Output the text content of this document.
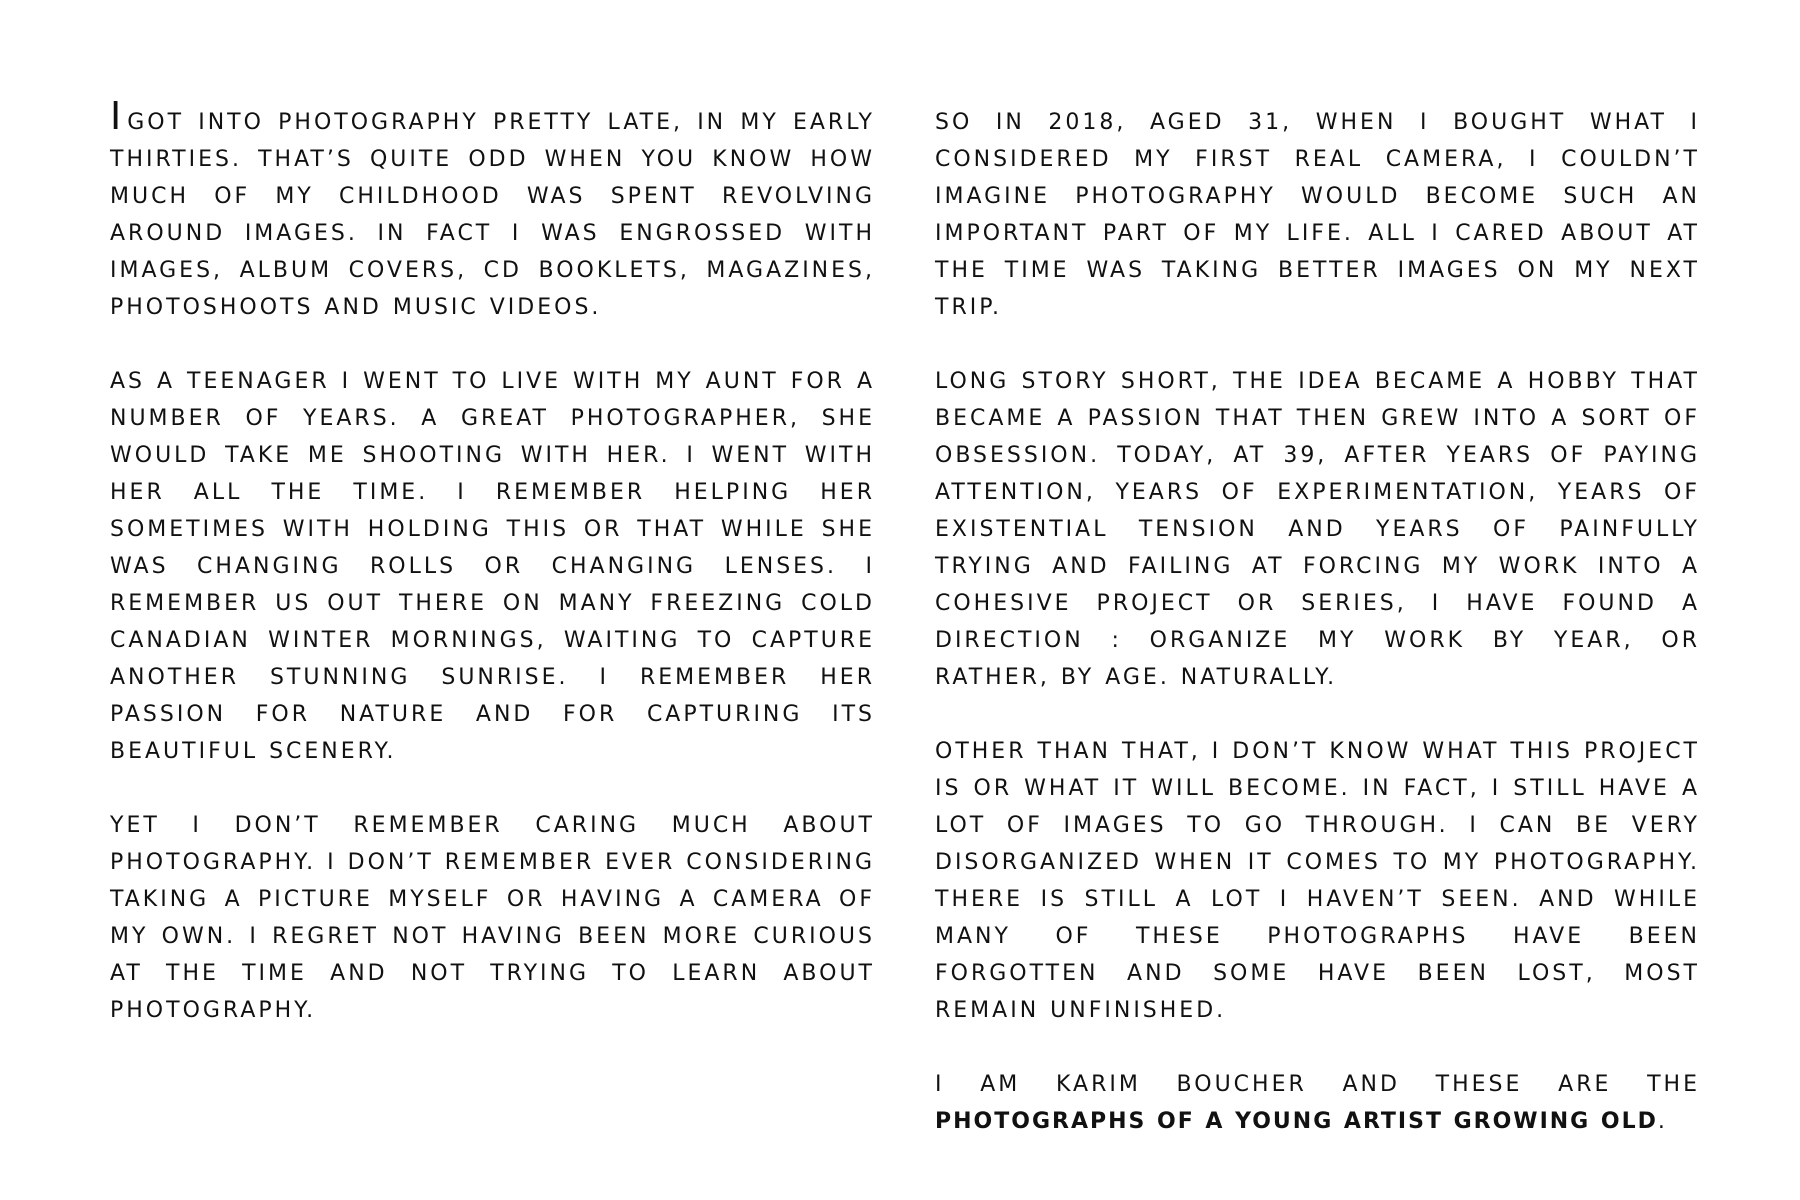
IGOT INTO PHOTOGRAPHY PRETTY LATE, IN MY EARLY THIRTIES. THAT’S QUITE ODD WHEN YOU KNOW HOW MUCH OF MY CHILDHOOD WAS SPENT REVOLVING AROUND IMAGES. IN FACT I WAS ENGROSSED WITH IMAGES, ALBUM COVERS, CD BOOKLETS, MAGAZINES, PHOTOSHOOTS AND MUSIC VIDEOS.

AS A TEENAGER I WENT TO LIVE WITH MY AUNT FOR A NUMBER OF YEARS. A GREAT PHOTOGRAPHER, SHE WOULD TAKE ME SHOOTING WITH HER. I WENT WITH HER ALL THE TIME. I REMEMBER HELPING HER SOMETIMES WITH HOLDING THIS OR THAT WHILE SHE WAS CHANGING ROLLS OR CHANGING LENSES. I REMEMBER US OUT THERE ON MANY FREEZING COLD CANADIAN WINTER MORNINGS, WAITING TO CAPTURE ANOTHER STUNNING SUNRISE. I REMEMBER HER PASSION FOR NATURE AND FOR CAPTURING ITS BEAUTIFUL SCENERY.

YET I DON’T REMEMBER CARING MUCH ABOUT PHOTOGRAPHY. I DON’T REMEMBER EVER CONSIDERING TAKING A PICTURE MYSELF OR HAVING A CAMERA OF MY OWN. I REGRET NOT HAVING BEEN MORE CURIOUS AT THE TIME AND NOT TRYING TO LEARN ABOUT PHOTOGRAPHY.

SO IN 2018, AGED 31, WHEN I BOUGHT WHAT I CONSIDERED MY FIRST REAL CAMERA, I COULDN’T IMAGINE PHOTOGRAPHY WOULD BECOME SUCH AN IMPORTANT PART OF MY LIFE. ALL I CARED ABOUT AT THE TIME WAS TAKING BETTER IMAGES ON MY NEXT TRIP.

LONG STORY SHORT, THE IDEA BECAME A HOBBY THAT BECAME A PASSION THAT THEN GREW INTO A SORT OF OBSESSION. TODAY, AT 39, AFTER YEARS OF PAYING ATTENTION, YEARS OF EXPERIMENTATION, YEARS OF EXISTENTIAL TENSION AND YEARS OF PAINFULLY TRYING AND FAILING AT FORCING MY WORK INTO A COHESIVE PROJECT OR SERIES, I HAVE FOUND A DIRECTION : ORGANIZE MY WORK BY YEAR, OR RATHER, BY AGE. NATURALLY.

OTHER THAN THAT, I DON’T KNOW WHAT THIS PROJECT IS OR WHAT IT WILL BECOME. IN FACT, I STILL HAVE A LOT OF IMAGES TO GO THROUGH. I CAN BE VERY DISORGANIZED WHEN IT COMES TO MY PHOTOGRAPHY. THERE IS STILL A LOT I HAVEN’T SEEN. AND WHILE MANY OF THESE PHOTOGRAPHS HAVE BEEN FORGOTTEN AND SOME HAVE BEEN LOST, MOST REMAIN UNFINISHED.

I AM KARIM BOUCHER AND THESE ARE THE PHOTOGRAPHS OF A YOUNG ARTIST GROWING OLD.
